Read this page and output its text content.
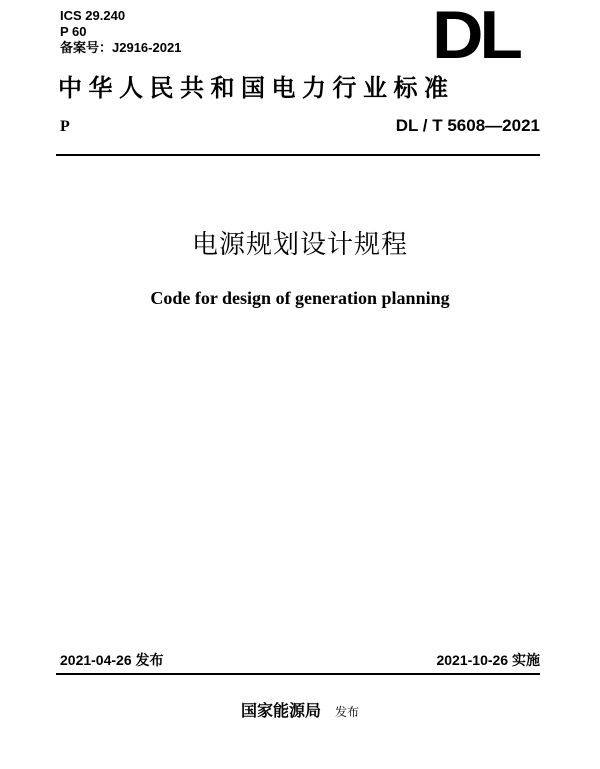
ICS 29.240
P 60
备案号：J2916-2021	DL
中华人民共和国电力行业标准
P	DL / T 5608—2021
电源规划设计规程
Code for design of generation planning
2021-04-26 发布	2021-10-26 实施
国家能源局 发布
